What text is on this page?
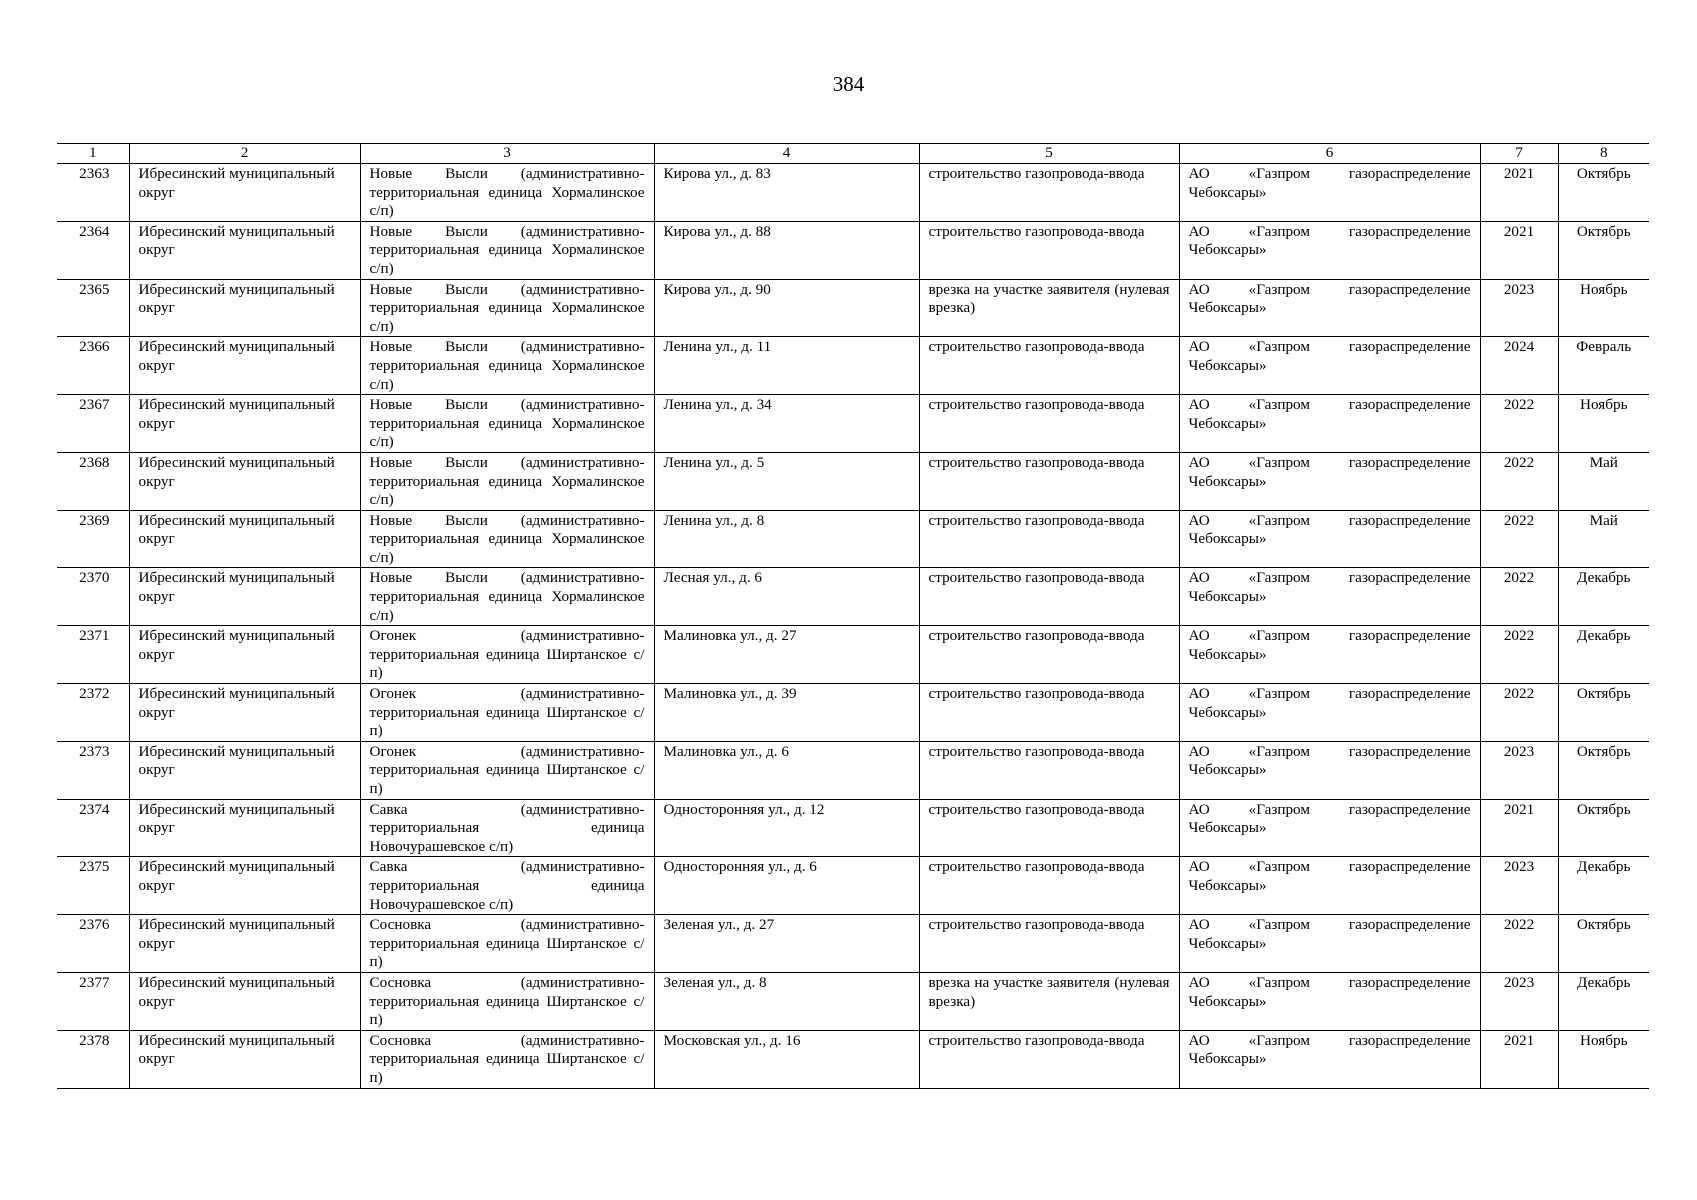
384
1	2	3	4	5	6	7	8
2363	Ибресинский муниципальный округ	Новые Высли (административно-территориальная единица Хормалинское с/п)	Кирова ул., д. 83	строительство газопровода-ввода	АО «Газпром газораспределение Чебоксары»	2021	Октябрь
2364	Ибресинский муниципальный округ	Новые Высли (административно-территориальная единица Хормалинское с/п)	Кирова ул., д. 88	строительство газопровода-ввода	АО «Газпром газораспределение Чебоксары»	2021	Октябрь
2365	Ибресинский муниципальный округ	Новые Высли (административно-территориальная единица Хормалинское с/п)	Кирова ул., д. 90	врезка на участке заявителя (нулевая врезка)	АО «Газпром газораспределение Чебоксары»	2023	Ноябрь
2366	Ибресинский муниципальный округ	Новые Высли (административно-территориальная единица Хормалинское с/п)	Ленина ул., д. 11	строительство газопровода-ввода	АО «Газпром газораспределение Чебоксары»	2024	Февраль
2367	Ибресинский муниципальный округ	Новые Высли (административно-территориальная единица Хормалинское с/п)	Ленина ул., д. 34	строительство газопровода-ввода	АО «Газпром газораспределение Чебоксары»	2022	Ноябрь
2368	Ибресинский муниципальный округ	Новые Высли (административно-территориальная единица Хормалинское с/п)	Ленина ул., д. 5	строительство газопровода-ввода	АО «Газпром газораспределение Чебоксары»	2022	Май
2369	Ибресинский муниципальный округ	Новые Высли (административно-территориальная единица Хормалинское с/п)	Ленина ул., д. 8	строительство газопровода-ввода	АО «Газпром газораспределение Чебоксары»	2022	Май
2370	Ибресинский муниципальный округ	Новые Высли (административно-территориальная единица Хормалинское с/п)	Лесная ул., д. 6	строительство газопровода-ввода	АО «Газпром газораспределение Чебоксары»	2022	Декабрь
2371	Ибресинский муниципальный округ	Огонек (административно-территориальная единица Ширтанское с/п)	Малиновка ул., д. 27	строительство газопровода-ввода	АО «Газпром газораспределение Чебоксары»	2022	Декабрь
2372	Ибресинский муниципальный округ	Огонек (административно-территориальная единица Ширтанское с/п)	Малиновка ул., д. 39	строительство газопровода-ввода	АО «Газпром газораспределение Чебоксары»	2022	Октябрь
2373	Ибресинский муниципальный округ	Огонек (административно-территориальная единица Ширтанское с/п)	Малиновка ул., д. 6	строительство газопровода-ввода	АО «Газпром газораспределение Чебоксары»	2023	Октябрь
2374	Ибресинский муниципальный округ	Савка (административно-территориальная единица Новочурашевское с/п)	Односторонняя ул., д. 12	строительство газопровода-ввода	АО «Газпром газораспределение Чебоксары»	2021	Октябрь
2375	Ибресинский муниципальный округ	Савка (административно-территориальная единица Новочурашевское с/п)	Односторонняя ул., д. 6	строительство газопровода-ввода	АО «Газпром газораспределение Чебоксары»	2023	Декабрь
2376	Ибресинский муниципальный округ	Сосновка (административно-территориальная единица Ширтанское с/п)	Зеленая ул., д. 27	строительство газопровода-ввода	АО «Газпром газораспределение Чебоксары»	2022	Октябрь
2377	Ибресинский муниципальный округ	Сосновка (административно-территориальная единица Ширтанское с/п)	Зеленая ул., д. 8	врезка на участке заявителя (нулевая врезка)	АО «Газпром газораспределение Чебоксары»	2023	Декабрь
2378	Ибресинский муниципальный округ	Сосновка (административно-территориальная единица Ширтанское с/п)	Московская ул., д. 16	строительство газопровода-ввода	АО «Газпром газораспределение Чебоксары»	2021	Ноябрь
